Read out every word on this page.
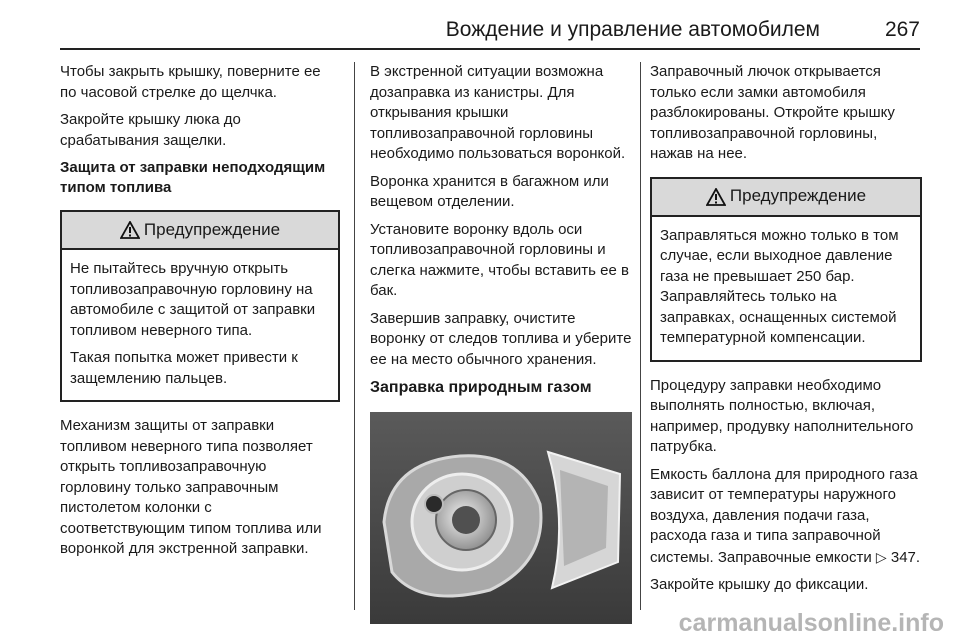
Вождение и управление автомобилем	267

Чтобы закрыть крышку, поверните ее по часовой стрелке до щелчка.

Закройте крышку люка до срабатывания защелки.

Защита от заправки неподходящим типом топлива
Предупреждение

Не пытайтесь вручную открыть топливозаправочную горловину на автомобиле с защитой от заправки топливом неверного типа.

Такая попытка может привести к защемлению пальцев.

Механизм защиты от заправки топливом неверного типа позволяет открыть топливозаправочную горловину только заправочным пистолетом колонки с соответствующим типом топлива или воронкой для экстренной заправки.

В экстренной ситуации возможна дозаправка из канистры. Для открывания крышки топливозаправочной горловины необходимо пользоваться воронкой.

Воронка хранится в багажном или вещевом отделении.

Установите воронку вдоль оси топливозаправочной горловины и слегка нажмите, чтобы вставить ее в бак.

Завершив заправку, очистите воронку от следов топлива и уберите ее на место обычного хранения.

Заправка природным газом

Заправочный лючок открывается только если замки автомобиля разблокированы. Откройте крышку топливозаправочной горловины, нажав на нее.

Предупреждение

Заправляться можно только в том случае, если выходное давление газа не превышает 250 бар. Заправляйтесь только на заправках, оснащенных системой температурной компенсации.

Процедуру заправки необходимо выполнять полностью, включая, например, продувку наполнительного патрубка.

Емкость баллона для природного газа зависит от температуры наружного воздуха, давления подачи газа, расхода газа и типа заправочной системы. Заправочные емкости ▷ 347.

Закройте крышку до фиксации.

carmanualsonline.info
